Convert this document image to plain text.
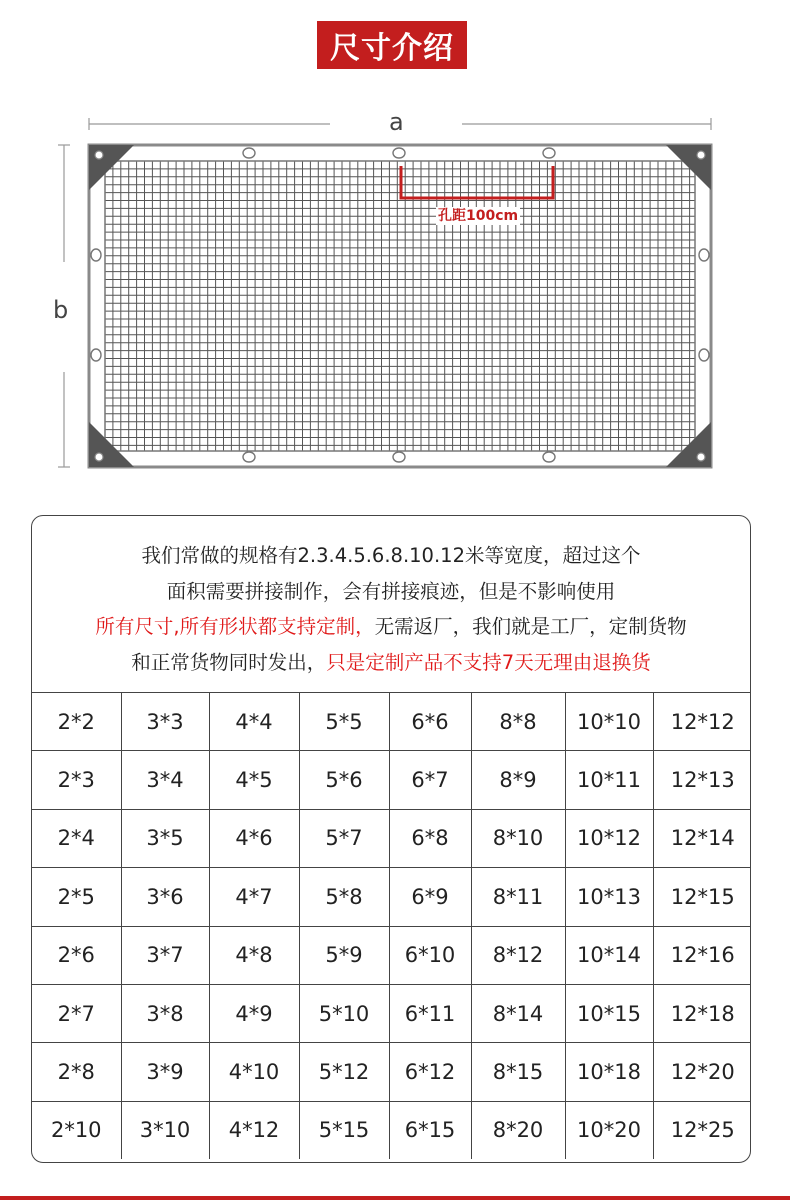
尺寸介绍
a
b
孔距100cm
我们常做的规格有2.3.4.5.6.8.10.12米等宽度，超过这个
面积需要拼接制作，会有拼接痕迹，但是不影响使用
所有尺寸,所有形状都支持定制，无需返厂，我们就是工厂，定制货物
和正常货物同时发出，只是定制产品不支持7天无理由退换货
2*2	3*3	4*4	5*5	6*6	8*8	10*10	12*12
2*3	3*4	4*5	5*6	6*7	8*9	10*11	12*13
2*4	3*5	4*6	5*7	6*8	8*10	10*12	12*14
2*5	3*6	4*7	5*8	6*9	8*11	10*13	12*15
2*6	3*7	4*8	5*9	6*10	8*12	10*14	12*16
2*7	3*8	4*9	5*10	6*11	8*14	10*15	12*18
2*8	3*9	4*10	5*12	6*12	8*15	10*18	12*20
2*10	3*10	4*12	5*15	6*15	8*20	10*20	12*25
